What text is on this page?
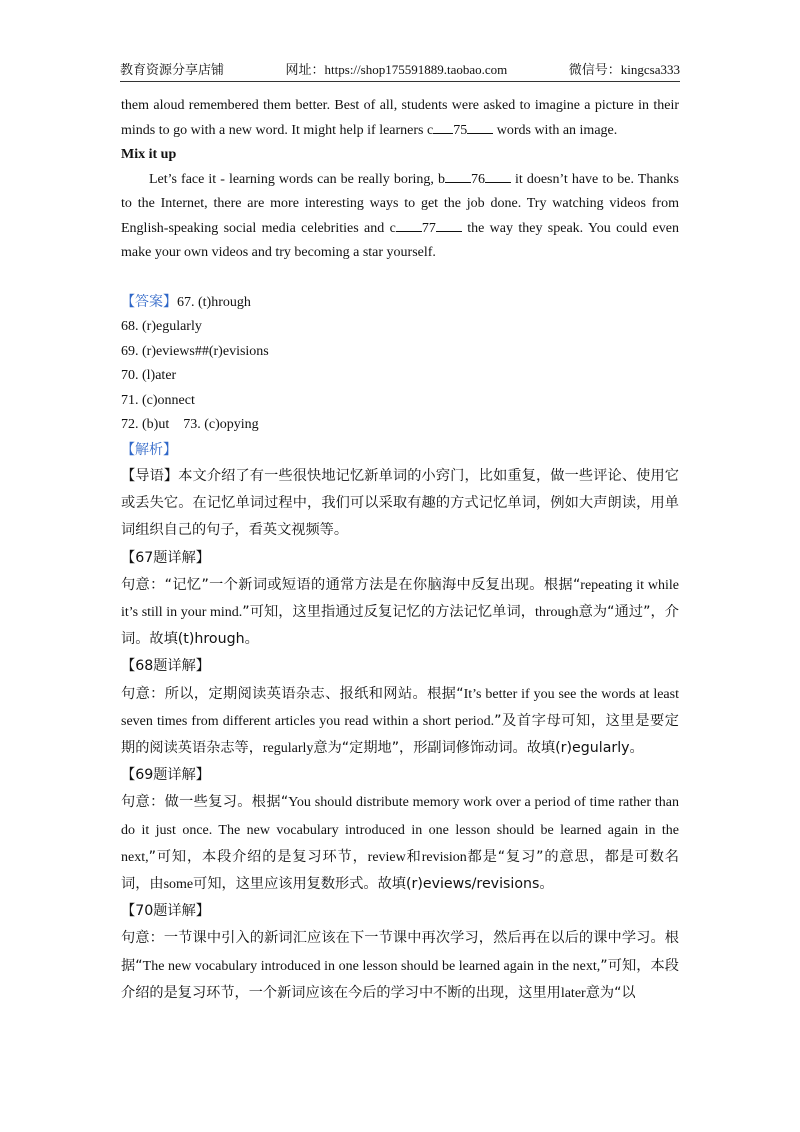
教育资源分享店铺	网址：https://shop175591889.taobao.com	微信号：kingcsa333

them aloud remembered them better. Best of all, students were asked to imagine a picture in their minds to go with a new word. It might help if learners c 75 words with an image.

Mix it up

Let’s face it - learning words can be really boring, b 76 it doesn’t have to be. Thanks to the Internet, there are more interesting ways to get the job done. Try watching videos from English-speaking social media celebrities and c 77 the way they speak. You could even make your own videos and try becoming a star yourself.

【答案】67. (t)hrough

68. (r)egularly

69. (r)eviews##(r)evisions

70. (l)ater

71. (c)onnect

72. (b)ut    73. (c)opying

【解析】

【导语】本文介绍了有一些很快地记忆新单词的小窍门，比如重复，做一些评论、使用它或丢失它。在记忆单词过程中，我们可以采取有趣的方式记忆单词，例如大声朗读，用单词组织自己的句子，看英文视频等。

【67题详解】

句意：“记忆”一个新词或短语的通常方法是在你脑海中反复出现。根据“repeating it while it’s still in your mind.”可知，这里指通过反复记忆的方法记忆单词，through意为“通过”，介词。故填(t)hrough。

【68题详解】

句意：所以，定期阅读英语杂志、报纸和网站。根据“It’s better if you see the words at least seven times from different articles you read within a short period.”及首字母可知，这里是要定期的阅读英语杂志等，regularly意为“定期地”，形副词修饰动词。故填(r)egularly。

【69题详解】

句意：做一些复习。根据“You should distribute memory work over a period of time rather than do it just once. The new vocabulary introduced in one lesson should be learned again in the next,”可知，本段介绍的是复习环节，review和revision都是“复习”的意思，都是可数名词，由some可知，这里应该用复数形式。故填(r)eviews/revisions。

【70题详解】

句意：一节课中引入的新词汇应该在下一节课中再次学习，然后再在以后的课中学习。根据“The new vocabulary introduced in one lesson should be learned again in the next,”可知，本段介绍的是复习环节，一个新词应该在今后的学习中不断的出现，这里用later意为“以
